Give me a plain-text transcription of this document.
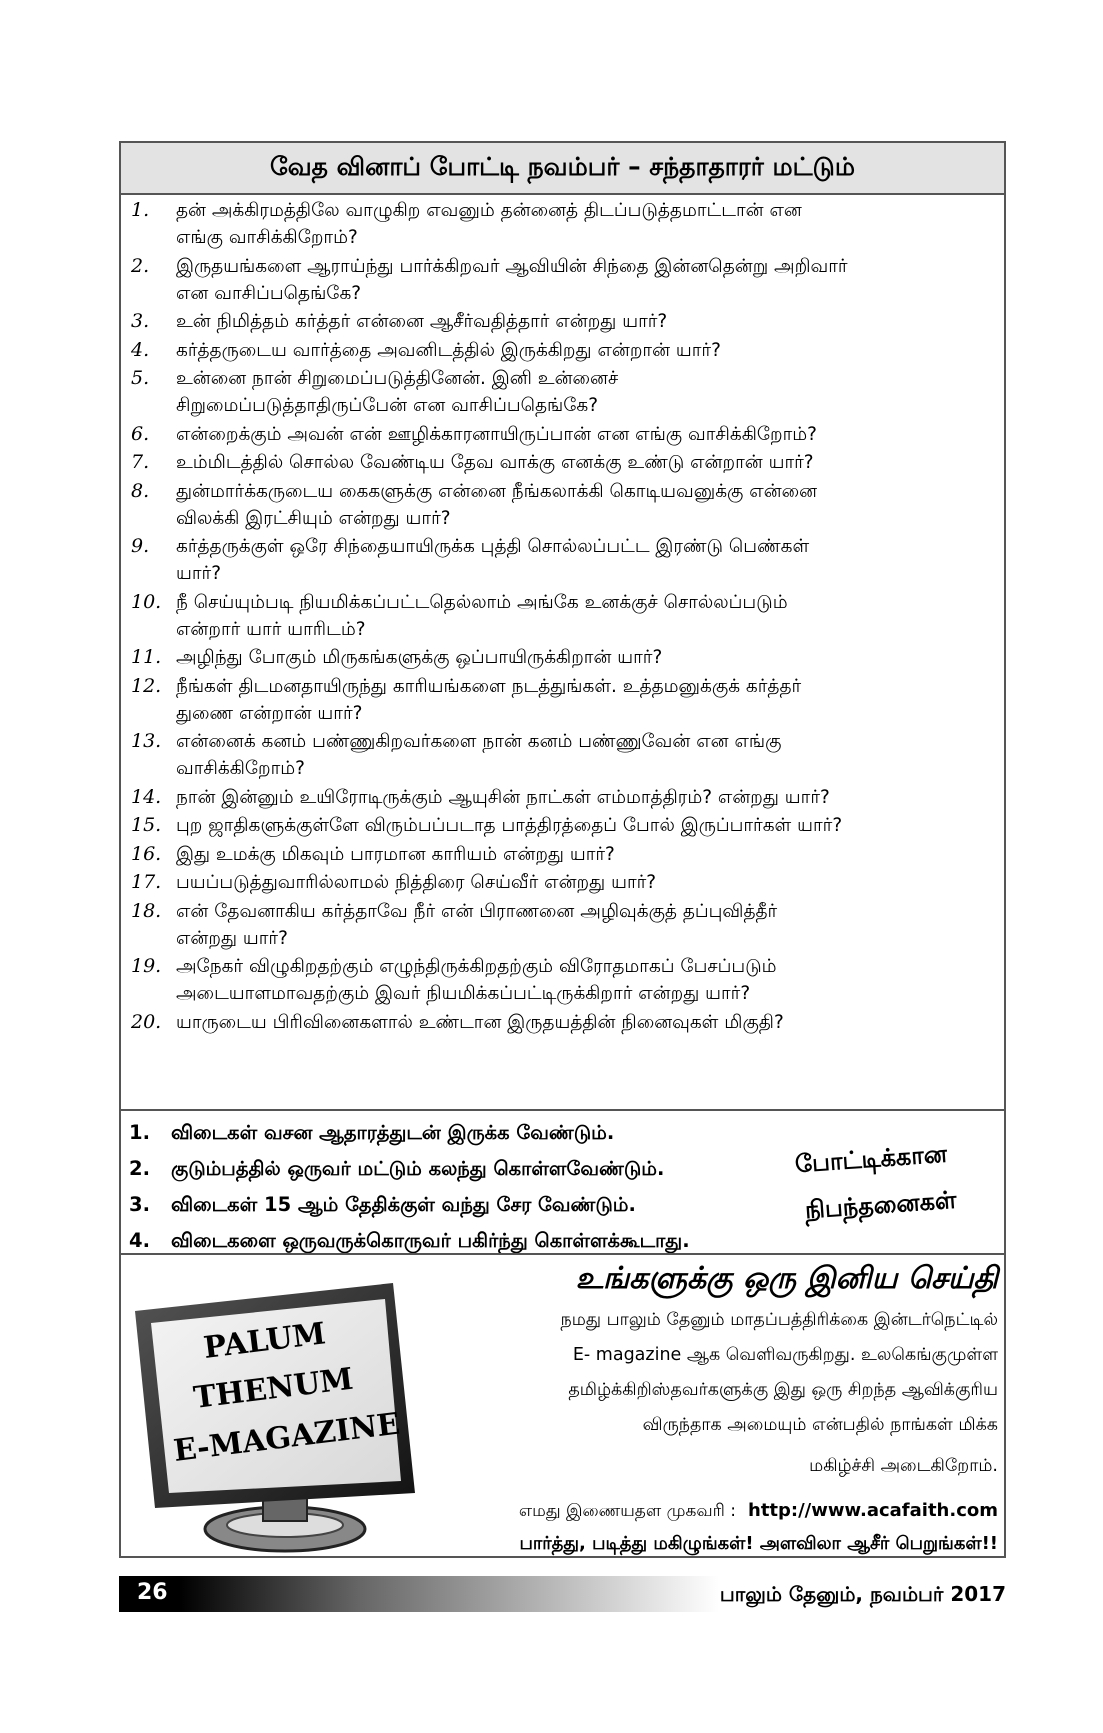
வேத வினாப் போட்டி நவம்பர் – சந்தாதாரர் மட்டும்
1.	தன் அக்கிரமத்திலே வாழுகிற எவனும் தன்னைத் திடப்படுத்தமாட்டான் என
எங்கு வாசிக்கிறோம்?
2.	இருதயங்களை ஆராய்ந்து பார்க்கிறவர் ஆவியின் சிந்தை இன்னதென்று அறிவார்
என வாசிப்பதெங்கே?
3.	உன் நிமித்தம் கர்த்தர் என்னை ஆசீர்வதித்தார் என்றது யார்?
4.	கர்த்தருடைய வார்த்தை அவனிடத்தில் இருக்கிறது என்றான் யார்?
5.	உன்னை நான் சிறுமைப்படுத்தினேன். இனி உன்னைச்
சிறுமைப்படுத்தாதிருப்பேன் என வாசிப்பதெங்கே?
6.	என்றைக்கும் அவன் என் ஊழிக்காரனாயிருப்பான் என எங்கு வாசிக்கிறோம்?
7.	உம்மிடத்தில் சொல்ல வேண்டிய தேவ வாக்கு எனக்கு உண்டு என்றான் யார்?
8.	துன்மார்க்கருடைய கைகளுக்கு என்னை நீங்கலாக்கி கொடியவனுக்கு என்னை
விலக்கி இரட்சியும் என்றது யார்?
9.	கர்த்தருக்குள் ஒரே சிந்தையாயிருக்க புத்தி சொல்லப்பட்ட இரண்டு பெண்கள்
யார்?
10. நீ செய்யும்படி நியமிக்கப்பட்டதெல்லாம் அங்கே உனக்குச் சொல்லப்படும்
என்றார் யார் யாரிடம்?
11. அழிந்து போகும் மிருகங்களுக்கு ஒப்பாயிருக்கிறான் யார்?
12. நீங்கள் திடமனதாயிருந்து காரியங்களை நடத்துங்கள். உத்தமனுக்குக் கர்த்தர்
துணை என்றான் யார்?
13. என்னைக் கனம் பண்ணுகிறவர்களை நான் கனம் பண்ணுவேன் என எங்கு
வாசிக்கிறோம்?
14. நான் இன்னும் உயிரோடிருக்கும் ஆயுசின் நாட்கள் எம்மாத்திரம்? என்றது யார்?
15. புற ஜாதிகளுக்குள்ளே விரும்பப்படாத பாத்திரத்தைப் போல் இருப்பார்கள் யார்?
16. இது உமக்கு மிகவும் பாரமான காரியம் என்றது யார்?
17. பயப்படுத்துவாரில்லாமல் நித்திரை செய்வீர் என்றது யார்?
18. என் தேவனாகிய கர்த்தாவே நீர் என் பிராணனை அழிவுக்குத் தப்புவித்தீர்
என்றது யார்?
19. அநேகர் விழுகிறதற்கும் எழுந்திருக்கிறதற்கும் விரோதமாகப் பேசப்படும்
அடையாளமாவதற்கும் இவர் நியமிக்கப்பட்டிருக்கிறார் என்றது யார்?
20. யாருடைய பிரிவினைகளால் உண்டான இருதயத்தின் நினைவுகள் மிகுதி?
1.	விடைகள் வசன ஆதாரத்துடன் இருக்க வேண்டும்.
2.	குடும்பத்தில் ஒருவர் மட்டும் கலந்து கொள்ளவேண்டும்.
3.	விடைகள் 15 ஆம் தேதிக்குள் வந்து சேர வேண்டும்.
4.	விடைகளை ஒருவருக்கொருவர் பகிர்ந்து கொள்ளக்கூடாது.
போட்டிக்கான
நிபந்தனைகள்
PALUM
THENUM
E-MAGAZINE
உங்களுக்கு ஒரு இனிய செய்தி
நமது பாலும் தேனும் மாதப்பத்திரிக்கை இன்டர்நெட்டில்
E- magazine ஆக வெளிவருகிறது. உலகெங்குமுள்ள
தமிழ்க்கிறிஸ்தவர்களுக்கு இது ஒரு சிறந்த ஆவிக்குரிய
விருந்தாக அமையும் என்பதில் நாங்கள் மிக்க
மகிழ்ச்சி அடைகிறோம்.
எமது இணையதள முகவரி : http://www.acafaith.com
பார்த்து, படித்து மகிழுங்கள்! அளவிலா ஆசீர் பெறுங்கள்!!
26	பாலும் தேனும், நவம்பர் 2017
